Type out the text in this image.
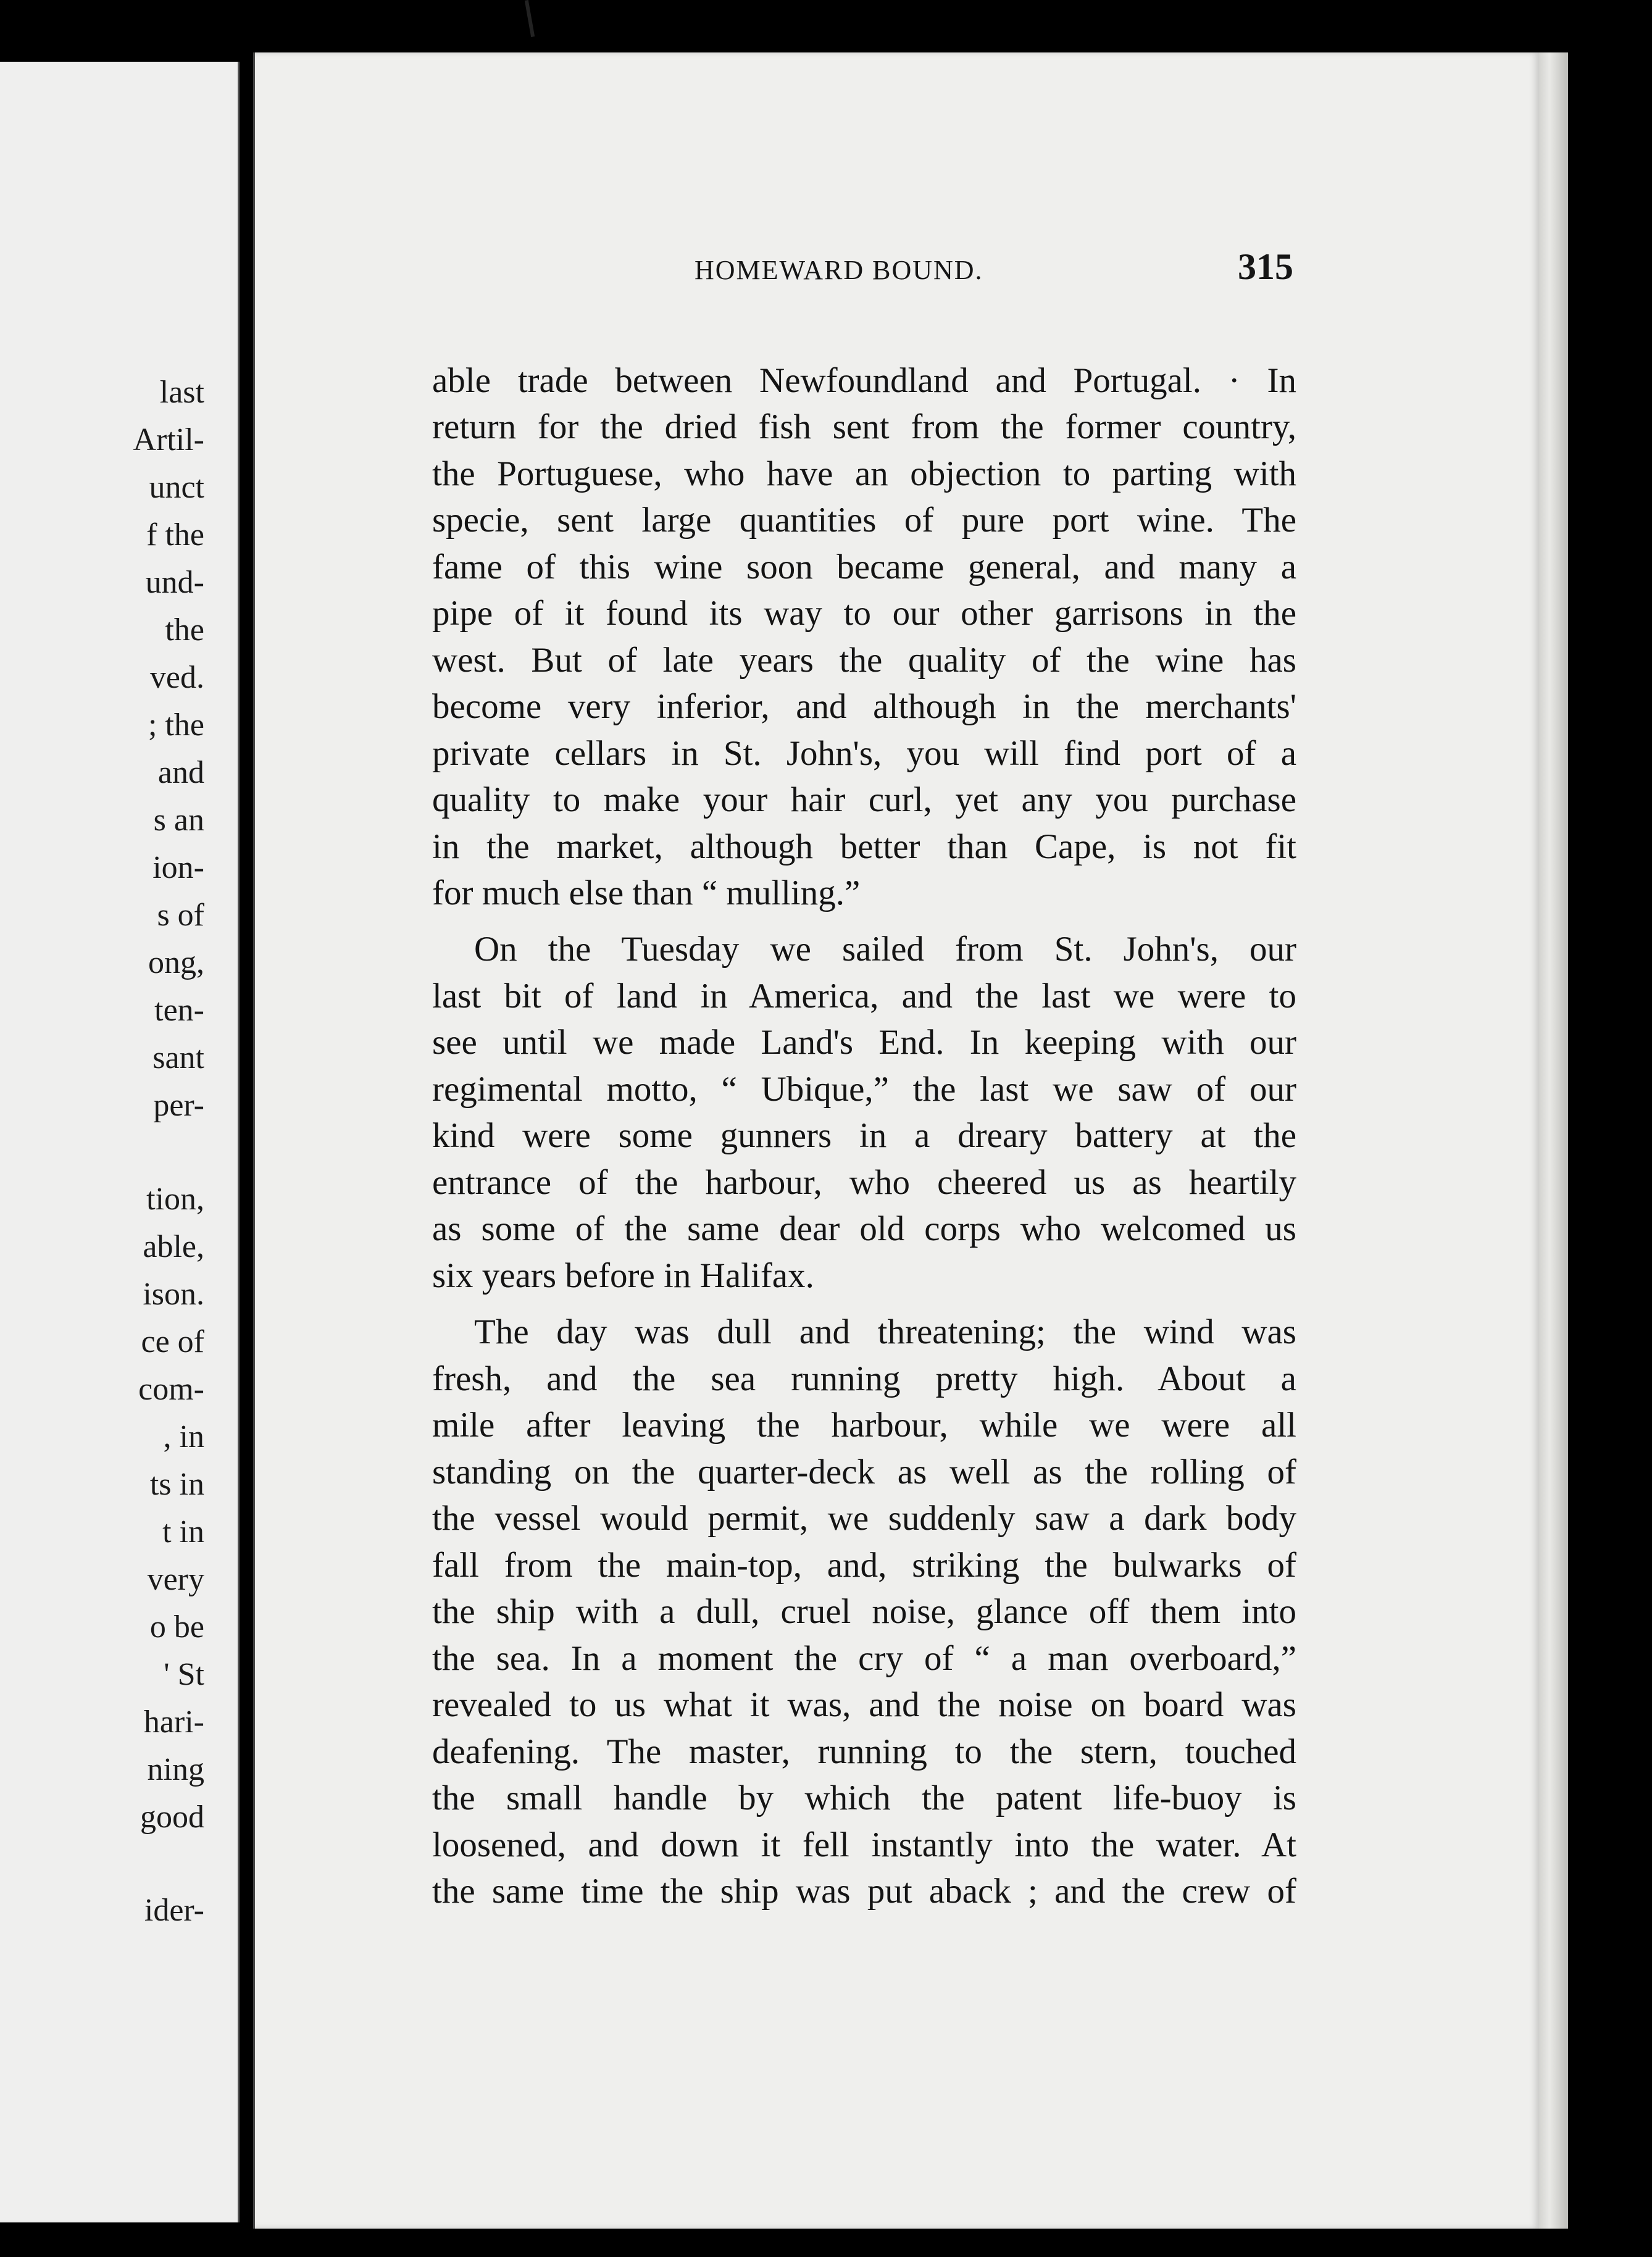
last
Artil-
unct
f the
und-
the
ved.
; the
and
s an
ion-
s of
ong,
ten-
sant
per-
tion,
able,
ison.
ce of
com-
, in
ts in
t in
very
o be
' St
hari-
ning
good
ider-
HOMEWARD BOUND.	315
able trade between Newfoundland and Portugal. · In
return for the dried fish sent from the former country,
the Portuguese, who have an objection to parting with
specie, sent large quantities of pure port wine. The
fame of this wine soon became general, and many a
pipe of it found its way to our other garrisons in the
west. But of late years the quality of the wine has
become very inferior, and although in the merchants'
private cellars in St. John's, you will find port of a
quality to make your hair curl, yet any you purchase
in the market, although better than Cape, is not fit
for much else than “ mulling.”
On the Tuesday we sailed from St. John's, our
last bit of land in America, and the last we were to
see until we made Land's End. In keeping with our
regimental motto, “ Ubique,” the last we saw of our
kind were some gunners in a dreary battery at the
entrance of the harbour, who cheered us as heartily
as some of the same dear old corps who welcomed us
six years before in Halifax.
The day was dull and threatening; the wind was
fresh, and the sea running pretty high. About a
mile after leaving the harbour, while we were all
standing on the quarter-deck as well as the rolling of
the vessel would permit, we suddenly saw a dark body
fall from the main-top, and, striking the bulwarks of
the ship with a dull, cruel noise, glance off them into
the sea. In a moment the cry of “ a man overboard,”
revealed to us what it was, and the noise on board was
deafening. The master, running to the stern, touched
the small handle by which the patent life-buoy is
loosened, and down it fell instantly into the water. At
the same time the ship was put aback ; and the crew of
